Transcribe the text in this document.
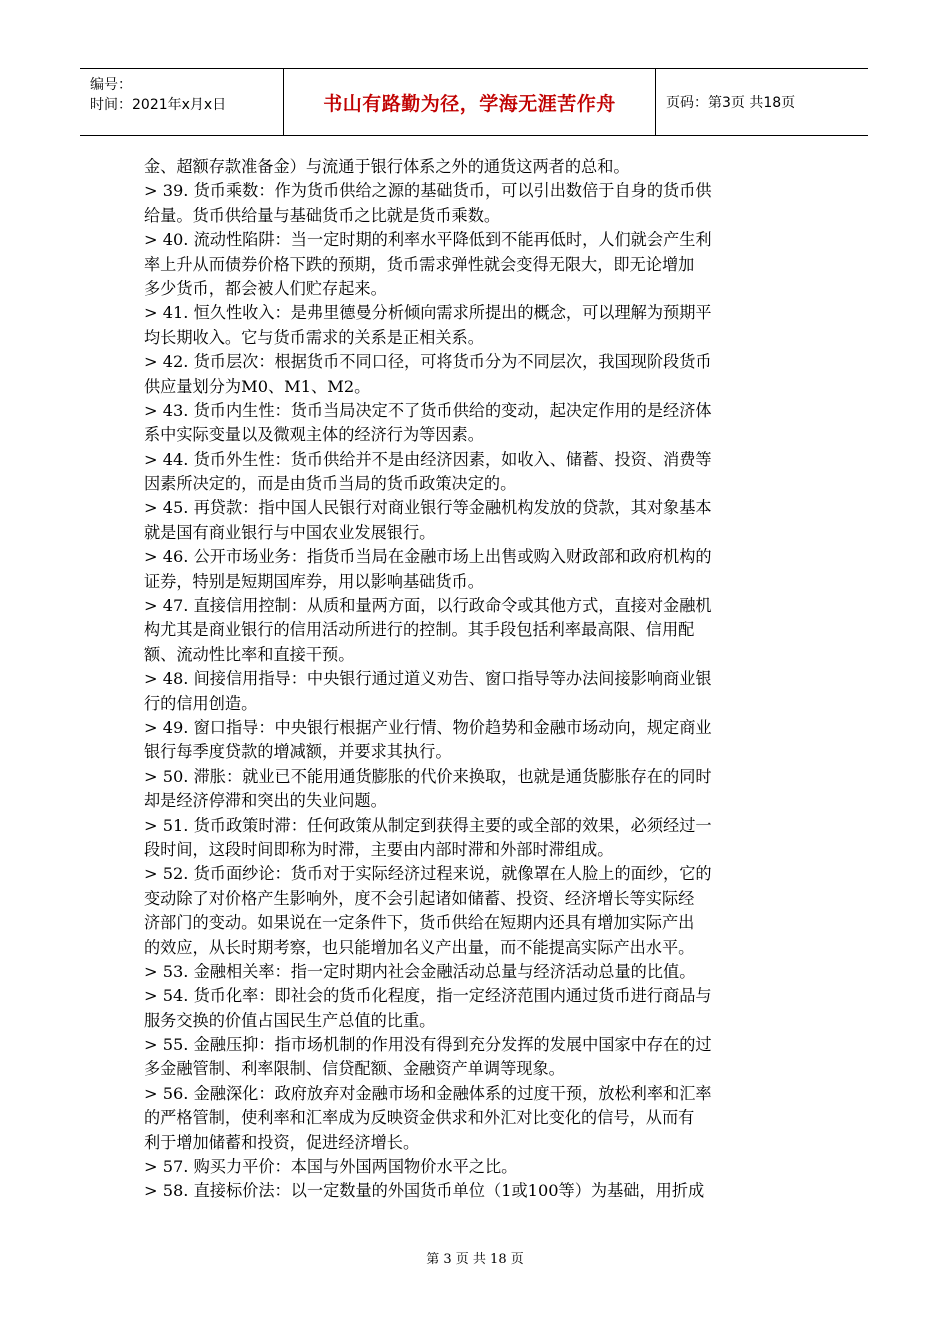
编号：
时间：2021年x月x日	书山有路勤为径，学海无涯苦作舟	页码：第3页 共18页
金、超额存款准备金）与流通于银行体系之外的通货这两者的总和。
> 39. 货币乘数：作为货币供给之源的基础货币，可以引出数倍于自身的货币供
给量。货币供给量与基础货币之比就是货币乘数。
> 40. 流动性陷阱：当一定时期的利率水平降低到不能再低时，人们就会产生利
率上升从而债券价格下跌的预期，货币需求弹性就会变得无限大，即无论增加
多少货币，都会被人们贮存起来。
> 41. 恒久性收入：是弗里德曼分析倾向需求所提出的概念，可以理解为预期平
均长期收入。它与货币需求的关系是正相关系。
> 42. 货币层次：根据货币不同口径，可将货币分为不同层次，我国现阶段货币
供应量划分为M0、M1、M2。
> 43. 货币内生性：货币当局决定不了货币供给的变动，起决定作用的是经济体
系中实际变量以及微观主体的经济行为等因素。
> 44. 货币外生性：货币供给并不是由经济因素，如收入、储蓄、投资、消费等
因素所决定的，而是由货币当局的货币政策决定的。
> 45. 再贷款：指中国人民银行对商业银行等金融机构发放的贷款，其对象基本
就是国有商业银行与中国农业发展银行。
> 46. 公开市场业务：指货币当局在金融市场上出售或购入财政部和政府机构的
证券，特别是短期国库券，用以影响基础货币。
> 47. 直接信用控制：从质和量两方面，以行政命令或其他方式，直接对金融机
构尤其是商业银行的信用活动所进行的控制。其手段包括利率最高限、信用配
额、流动性比率和直接干预。
> 48. 间接信用指导：中央银行通过道义劝告、窗口指导等办法间接影响商业银
行的信用创造。
> 49. 窗口指导：中央银行根据产业行情、物价趋势和金融市场动向，规定商业
银行每季度贷款的增减额，并要求其执行。
> 50. 滞胀：就业已不能用通货膨胀的代价来换取，也就是通货膨胀存在的同时
却是经济停滞和突出的失业问题。
> 51. 货币政策时滞：任何政策从制定到获得主要的或全部的效果，必须经过一
段时间，这段时间即称为时滞，主要由内部时滞和外部时滞组成。
> 52. 货币面纱论：货币对于实际经济过程来说，就像罩在人脸上的面纱，它的
变动除了对价格产生影响外，度不会引起诸如储蓄、投资、经济增长等实际经
济部门的变动。如果说在一定条件下，货币供给在短期内还具有增加实际产出
的效应，从长时期考察，也只能增加名义产出量，而不能提高实际产出水平。
> 53. 金融相关率：指一定时期内社会金融活动总量与经济活动总量的比值。
> 54. 货币化率：即社会的货币化程度，指一定经济范围内通过货币进行商品与
服务交换的价值占国民生产总值的比重。
> 55. 金融压抑：指市场机制的作用没有得到充分发挥的发展中国家中存在的过
多金融管制、利率限制、信贷配额、金融资产单调等现象。
> 56. 金融深化：政府放弃对金融市场和金融体系的过度干预，放松利率和汇率
的严格管制，使利率和汇率成为反映资金供求和外汇对比变化的信号，从而有
利于增加储蓄和投资，促进经济增长。
> 57. 购买力平价：本国与外国两国物价水平之比。
> 58. 直接标价法：以一定数量的外国货币单位（1或100等）为基础，用折成
第 3 页 共 18 页
